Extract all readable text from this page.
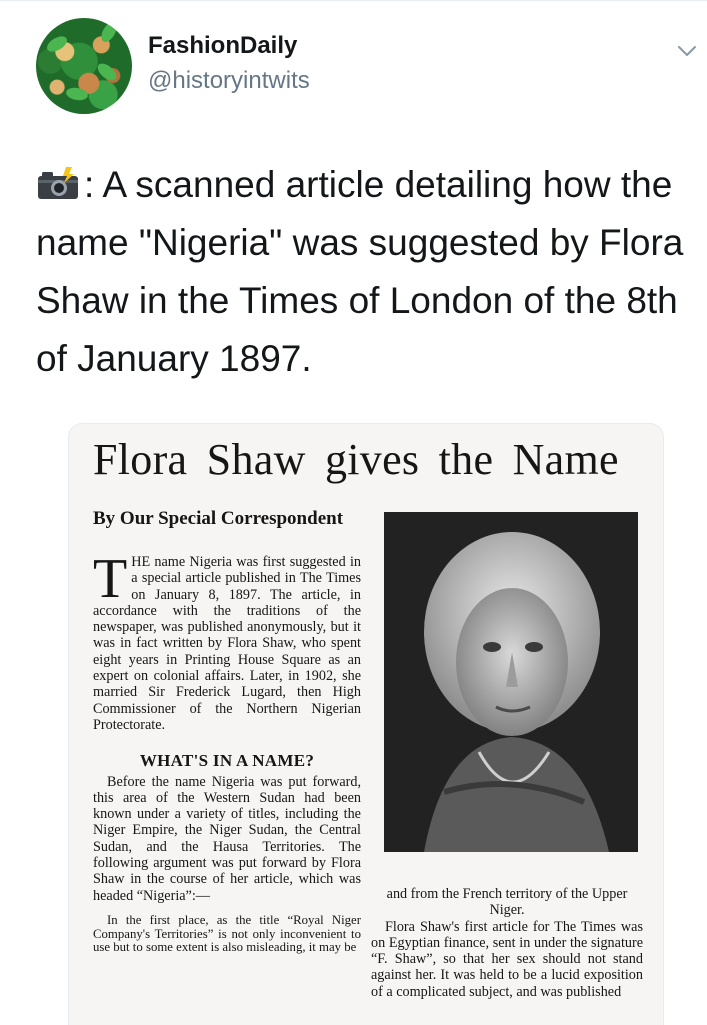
FashionDaily
@historyintwits
: A scanned article detailing how the name "Nigeria" was suggested by Flora Shaw in the Times of London of the 8th of January 1897.
Flora Shaw gives the Name
By Our Special Correspondent
T HE name Nigeria was first suggested in a special article published in The Times on January 8, 1897. The article, in accordance with the traditions of the newspaper, was published anonymously, but it was in fact written by Flora Shaw, who spent eight years in Printing House Square as an expert on colonial affairs. Later, in 1902, she married Sir Frederick Lugard, then High Commissioner of the Northern Nigerian Protectorate.

WHAT'S IN A NAME?

Before the name Nigeria was put forward, this area of the Western Sudan had been known under a variety of titles, including the Niger Empire, the Niger Sudan, the Central Sudan, and the Hausa Territories. The following argument was put forward by Flora Shaw in the course of her article, which was headed “Nigeria”:—

In the first place, as the title “Royal Niger Company's Territories” is not only inconvenient to use but to some extent is also misleading, it may be

and from the French territory of the Upper Niger.

Flora Shaw's first article for The Times was on Egyptian finance, sent in under the signature “F. Shaw”, so that her sex should not stand against her. It was held to be a lucid exposition of a complicated subject, and was published
